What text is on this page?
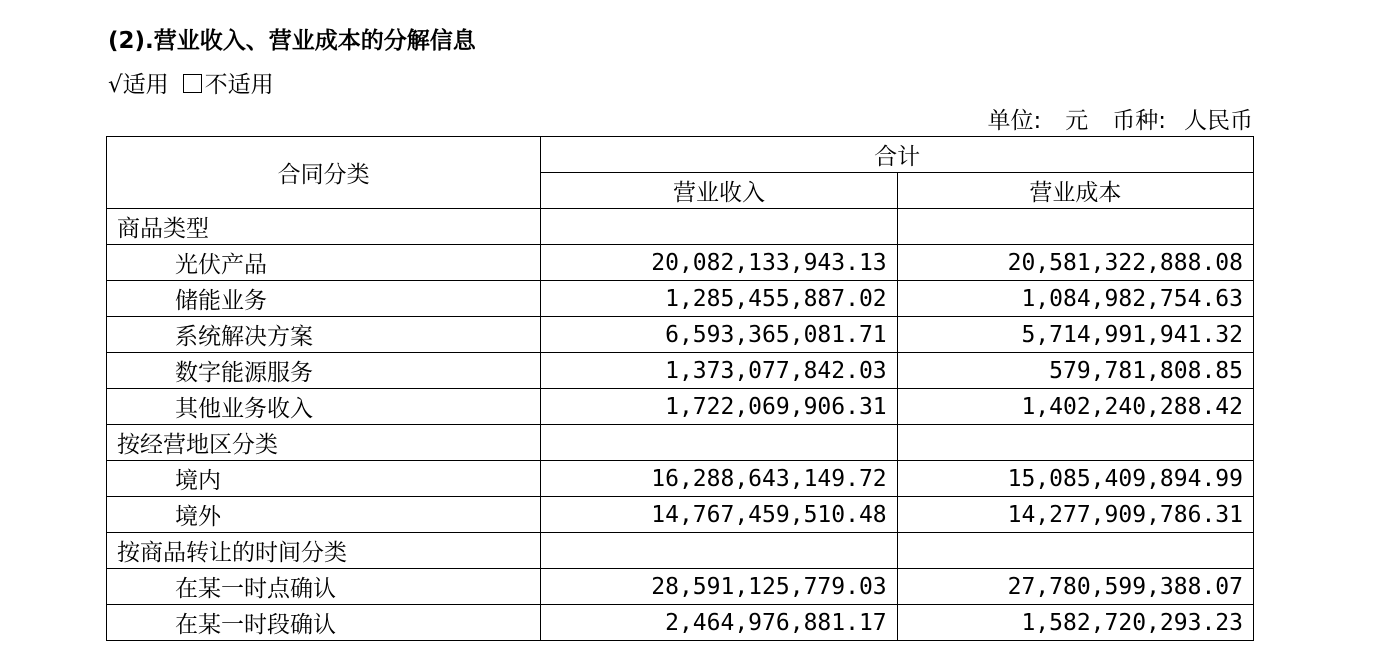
(2).营业收入、营业成本的分解信息
√适用 不适用
单位: 元 币种: 人民币
合同分类	合计	
	营业收入	营业成本
商品类型		
光伏产品	20,082,133,943.13	20,581,322,888.08
储能业务	1,285,455,887.02	1,084,982,754.63
系统解决方案	6,593,365,081.71	5,714,991,941.32
数字能源服务	1,373,077,842.03	579,781,808.85
其他业务收入	1,722,069,906.31	1,402,240,288.42
按经营地区分类		
境内	16,288,643,149.72	15,085,409,894.99
境外	14,767,459,510.48	14,277,909,786.31
按商品转让的时间分类		
在某一时点确认	28,591,125,779.03	27,780,599,388.07
在某一时段确认	2,464,976,881.17	1,582,720,293.23
